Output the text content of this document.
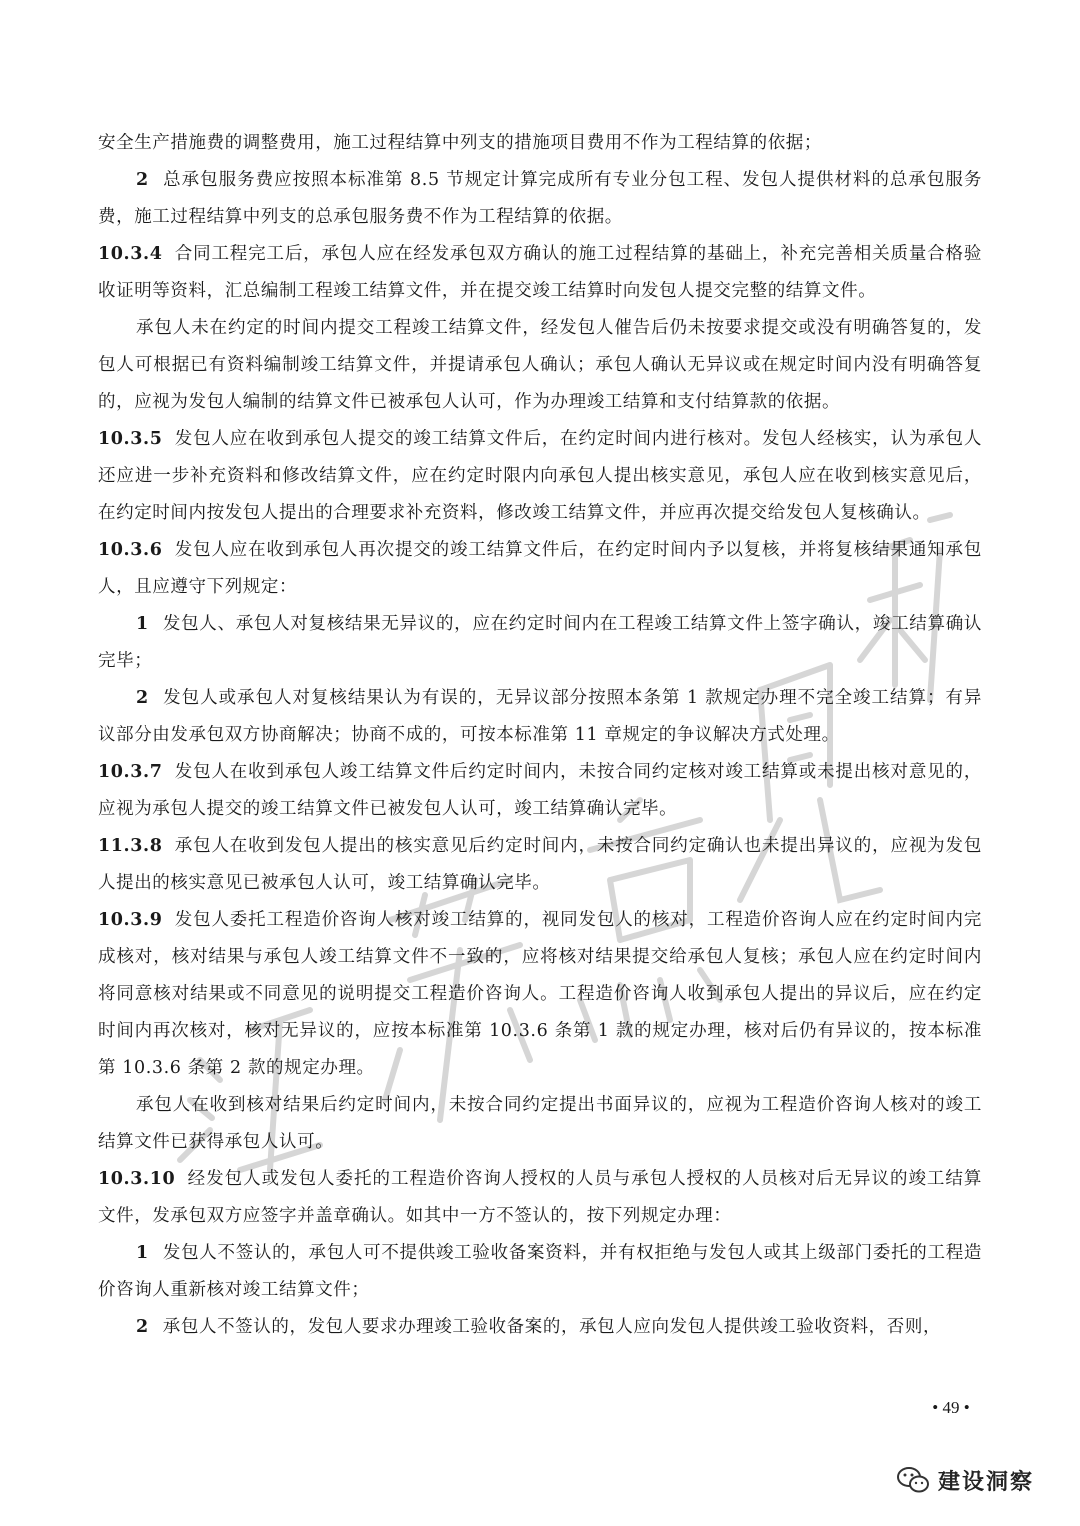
安全生产措施费的调整费用，施工过程结算中列支的措施项目费用不作为工程结算的依据；

2 总承包服务费应按照本标准第 8.5 节规定计算完成所有专业分包工程、发包人提供材料的总承包服务费，施工过程结算中列支的总承包服务费不作为工程结算的依据。

10.3.4 合同工程完工后，承包人应在经发承包双方确认的施工过程结算的基础上，补充完善相关质量合格验收证明等资料，汇总编制工程竣工结算文件，并在提交竣工结算时向发包人提交完整的结算文件。

承包人未在约定的时间内提交工程竣工结算文件，经发包人催告后仍未按要求提交或没有明确答复的，发包人可根据已有资料编制竣工结算文件，并提请承包人确认；承包人确认无异议或在规定时间内没有明确答复的，应视为发包人编制的结算文件已被承包人认可，作为办理竣工结算和支付结算款的依据。

10.3.5 发包人应在收到承包人提交的竣工结算文件后，在约定时间内进行核对。发包人经核实，认为承包人还应进一步补充资料和修改结算文件，应在约定时限内向承包人提出核实意见，承包人应在收到核实意见后，在约定时间内按发包人提出的合理要求补充资料，修改竣工结算文件，并应再次提交给发包人复核确认。

10.3.6 发包人应在收到承包人再次提交的竣工结算文件后，在约定时间内予以复核，并将复核结果通知承包人，且应遵守下列规定：

1 发包人、承包人对复核结果无异议的，应在约定时间内在工程竣工结算文件上签字确认，竣工结算确认完毕；

2 发包人或承包人对复核结果认为有误的，无异议部分按照本条第 1 款规定办理不完全竣工结算；有异议部分由发承包双方协商解决；协商不成的，可按本标准第 11 章规定的争议解决方式处理。

10.3.7 发包人在收到承包人竣工结算文件后约定时间内，未按合同约定核对竣工结算或未提出核对意见的，应视为承包人提交的竣工结算文件已被发包人认可，竣工结算确认完毕。

11.3.8 承包人在收到发包人提出的核实意见后约定时间内，未按合同约定确认也未提出异议的，应视为发包人提出的核实意见已被承包人认可，竣工结算确认完毕。

10.3.9 发包人委托工程造价咨询人核对竣工结算的，视同发包人的核对，工程造价咨询人应在约定时间内完成核对，核对结果与承包人竣工结算文件不一致的，应将核对结果提交给承包人复核；承包人应在约定时间内将同意核对结果或不同意见的说明提交工程造价咨询人。工程造价咨询人收到承包人提出的异议后，应在约定时间内再次核对，核对无异议的，应按本标准第 10.3.6 条第 1 款的规定办理，核对后仍有异议的，按本标准第 10.3.6 条第 2 款的规定办理。

承包人在收到核对结果后约定时间内，未按合同约定提出书面异议的，应视为工程造价咨询人核对的竣工结算文件已获得承包人认可。

10.3.10 经发包人或发包人委托的工程造价咨询人授权的人员与承包人授权的人员核对后无异议的竣工结算文件，发承包双方应签字并盖章确认。如其中一方不签认的，按下列规定办理：

1 发包人不签认的，承包人可不提供竣工验收备案资料，并有权拒绝与发包人或其上级部门委托的工程造价咨询人重新核对竣工结算文件；

2 承包人不签认的，发包人要求办理竣工验收备案的，承包人应向发包人提供竣工验收资料，否则，

• 49 •
建设洞察
